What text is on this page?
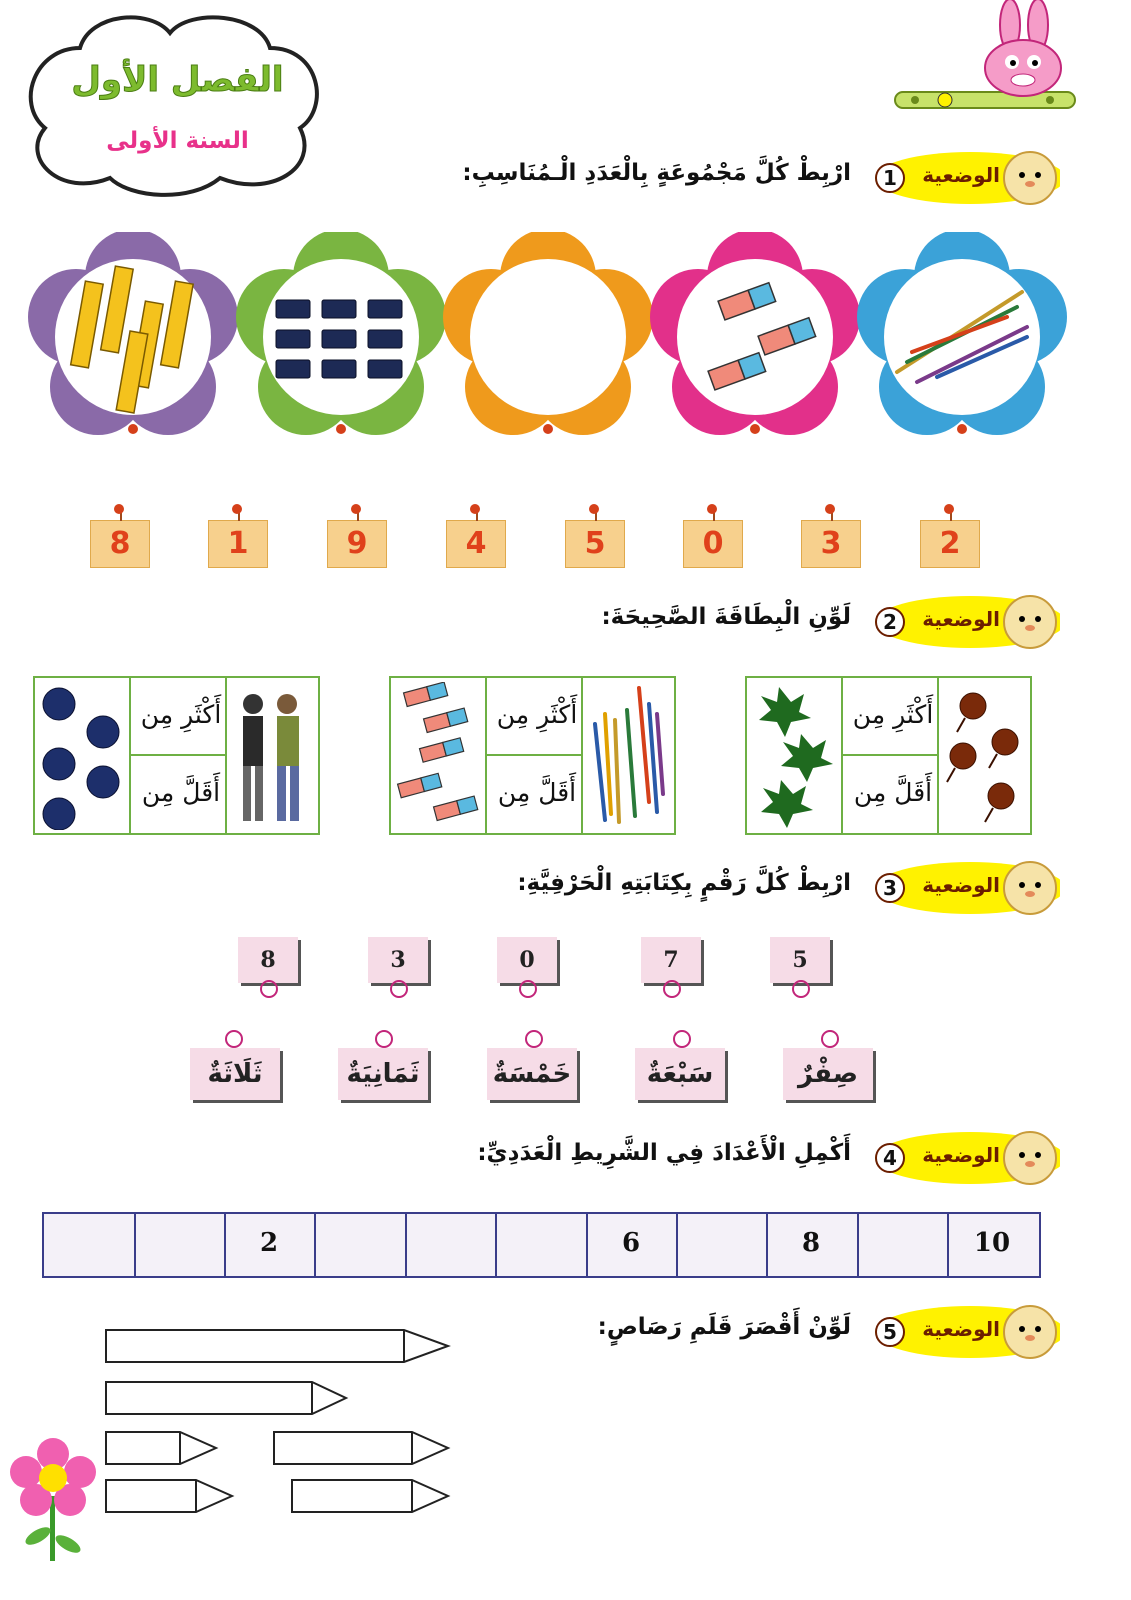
الفصل الأول
السنة الأولى
الوضعية
1
ارْبِطْ كُلَّ مَجْمُوعَةٍ بِالْعَدَدِ الْـمُنَاسِبِ:
الوضعية
2
لَوِّنِ الْبِطَاقَةَ الصَّحِيحَةَ:
الوضعية
3
ارْبِطْ كُلَّ رَقْمٍ بِكِتَابَتِهِ الْحَرْفِيَّةِ:
الوضعية
4
أَكْمِلِ الْأَعْدَادَ فِي الشَّرِيطِ الْعَدَدِيِّ:
الوضعية
5
لَوِّنْ أَقْصَرَ قَلَمِ رَصَاصٍ:
8	1	9	4	5	0	3	2
أَكْثَرِ مِن
أَقَلَّ مِن
أَكْثَرِ مِن
أَقَلَّ مِن
أَكْثَرِ مِن
أَقَلَّ مِن
8	3	0	7	5
ثَلَاثَةٌ	ثَمَانِيَةٌ	خَمْسَةٌ	سَبْعَةٌ	صِفْرٌ
2	6	8	10
